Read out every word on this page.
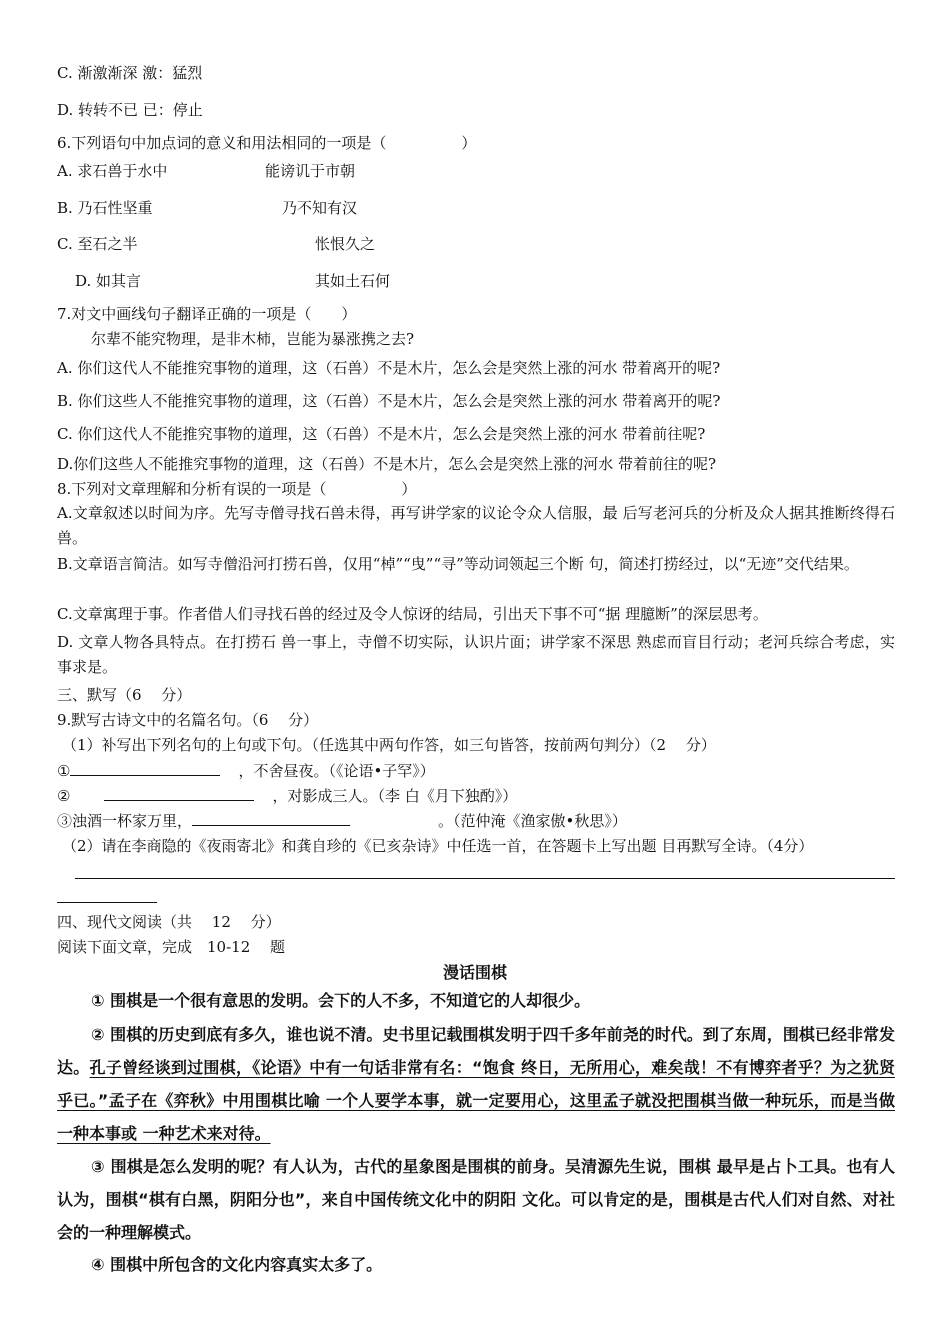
C. 渐激渐深 激：猛烈
D. 转转不已 已：停止
6.下列语句中加点词的意义和用法相同的一项是（　　　　　）
A. 求石兽于水中	能谤讥于市朝
B. 乃石性坚重	乃不知有汉
C. 至石之半	怅恨久之
D. 如其言	其如土石何
7.对文中画线句子翻译正确的一项是（　　）
尔辈不能究物理，是非木柿，岂能为暴涨携之去?
A. 你们这代人不能推究事物的道理，这（石兽）不是木片，怎么会是突然上涨的河水 带着离开的呢?
B. 你们这些人不能推究事物的道理，这（石兽）不是木片，怎么会是突然上涨的河水 带着离开的呢?
C. 你们这代人不能推究事物的道理，这（石兽）不是木片，怎么会是突然上涨的河水 带着前往呢?
D.你们这些人不能推究事物的道理，这（石兽）不是木片，怎么会是突然上涨的河水 带着前往的呢?
8.下列对文章理解和分析有误的一项是（　　　　　）
A.文章叙述以时间为序。先写寺僧寻找石兽未得，再写讲学家的议论令众人信服，最 后写老河兵的分析及众人据其推断终得石兽。
B.文章语言简洁。如写寺僧沿河打捞石兽，仅用“棹”“曳”“寻”等动词领起三个断 句，简述打捞经过，以“无迹”交代结果。
C.文章寓理于事。作者借人们寻找石兽的经过及令人惊讶的结局，引出天下事不可“据 理臆断”的深层思考。
D. 文章人物各具特点。在打捞石 兽一事上，寺僧不切实际，认识片面；讲学家不深思 熟虑而盲目行动；老河兵综合考虑，实事求是。
三、默写（6　 分）
9.默写古诗文中的名篇名句。（6　 分）
（1）补写出下列名句的上句或下句。（任选其中两句作答，如三句皆答，按前两句判分）（2　 分）
①	，不舍昼夜。（《论语•子罕》）
②	，对影成三人。（李 白《月下独酌》）
③浊酒一杯家万里，	。（范仲淹《渔家傲•秋思》）
（2）请在李商隐的《夜雨寄北》和龚自珍的《已亥杂诗》中任选一首，在答题卡上写出题 目再默写全诗。（4分）
四、现代文阅读（共　 12　 分）
阅读下面文章，完成　10-12　 题
漫话围棋
① 围棋是一个很有意思的发明。会下的人不多，不知道它的人却很少。
② 围棋的历史到底有多久，谁也说不清。史书里记载围棋发明于四千多年前尧的时代。到了东周，围棋已经非常发达。孔子曾经谈到过围棋，《论语》中有一句话非常有名：“饱食 终日，无所用心，难矣哉！不有博弈者乎？为之犹贤乎已。”孟子在《弈秋》中用围棋比喻 一个人要学本事，就一定要用心，这里孟子就没把围棋当做一种玩乐，而是当做一种本事或 一种艺术来对待。
③ 围棋是怎么发明的呢？有人认为，古代的星象图是围棋的前身。吴清源先生说，围棋 最早是占卜工具。也有人认为，围棋“棋有白黑，阴阳分也”，来自中国传统文化中的阴阳 文化。可以肯定的是，围棋是古代人们对自然、对社会的一种理解模式。
④ 围棋中所包含的文化内容真实太多了。
